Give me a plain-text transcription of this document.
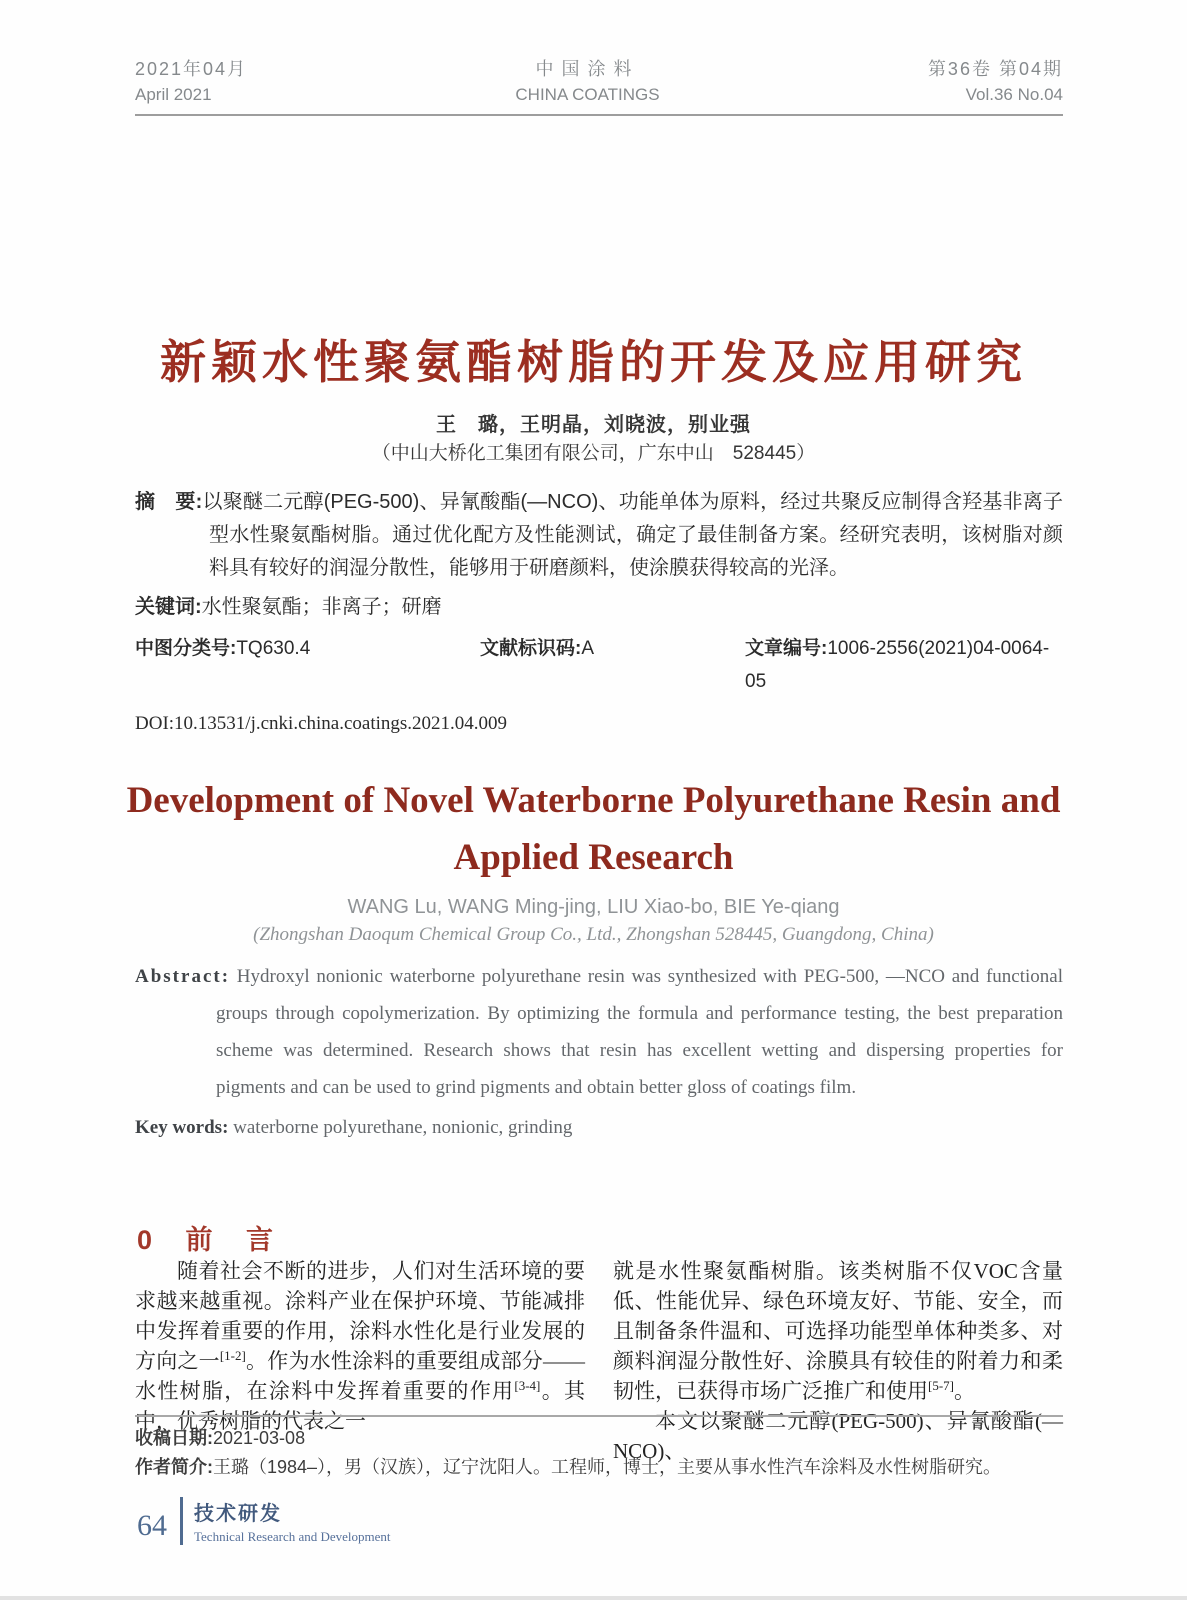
2021年04月
April 2021
中国涂料
CHINA COATINGS
第36卷 第04期
Vol.36 No.04
新颖水性聚氨酯树脂的开发及应用研究
王　璐，王明晶，刘晓波，别业强
（中山大桥化工集团有限公司，广东中山　528445）
摘　要:以聚醚二元醇(PEG-500)、异氰酸酯(—NCO)、功能单体为原料，经过共聚反应制得含羟基非离子型水性聚氨酯树脂。通过优化配方及性能测试，确定了最佳制备方案。经研究表明，该树脂对颜料具有较好的润湿分散性，能够用于研磨颜料，使涂膜获得较高的光泽。
关键词:水性聚氨酯；非离子；研磨
中图分类号:TQ630.4	文献标识码:A	文章编号:1006-2556(2021)04-0064-05
DOI:10.13531/j.cnki.china.coatings.2021.04.009
Development of Novel Waterborne Polyurethane Resin and
Applied Research
WANG Lu, WANG Ming-jing, LIU Xiao-bo, BIE Ye-qiang
(Zhongshan Daoqum Chemical Group Co., Ltd., Zhongshan 528445, Guangdong, China)
Abstract: Hydroxyl nonionic waterborne polyurethane resin was synthesized with PEG-500, —NCO and functional groups through copolymerization. By optimizing the formula and performance testing, the best preparation scheme was determined. Research shows that resin has excellent wetting and dispersing properties for pigments and can be used to grind pigments and obtain better gloss of coatings film.
Key words: waterborne polyurethane, nonionic, grinding
0 前 言

随着社会不断的进步，人们对生活环境的要求越来越重视。涂料产业在保护环境、节能减排中发挥着重要的作用，涂料水性化是行业发展的方向之一[1-2]。作为水性涂料的重要组成部分——水性树脂，在涂料中发挥着重要的作用[3-4]。其中，优秀树脂的代表之一

就是水性聚氨酯树脂。该类树脂不仅VOC含量低、性能优异、绿色环境友好、节能、安全，而且制备条件温和、可选择功能型单体种类多、对颜料润湿分散性好、涂膜具有较佳的附着力和柔韧性，已获得市场广泛推广和使用[5-7]。

本文以聚醚二元醇(PEG-500)、异氰酸酯(—NCO)、

收稿日期:2021-03-08
作者简介:王璐（1984–），男（汉族），辽宁沈阳人。工程师，博士，主要从事水性汽车涂料及水性树脂研究。
64 技术研发
Technical Research and Development
